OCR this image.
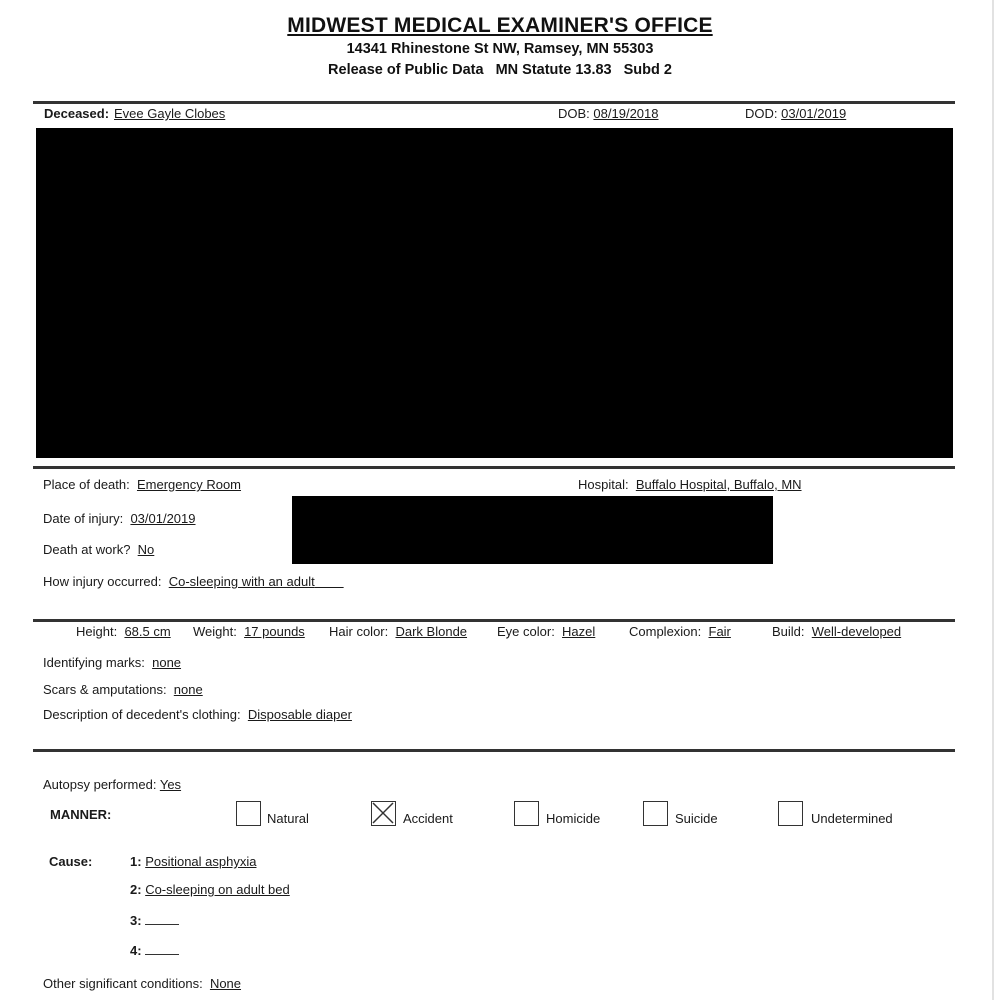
MIDWEST MEDICAL EXAMINER'S OFFICE
14341 Rhinestone St NW, Ramsey, MN 55303
Release of Public Data MN Statute 13.83 Subd 2
Deceased: Evee Gayle Clobes	DOB: 08/19/2018	DOD: 03/01/2019
Place of death: Emergency Room	Hospital: Buffalo Hospital, Buffalo, MN
Date of injury: 03/01/2019
Death at work? No
How injury occurred: Co-sleeping with an adult
Height: 68.5 cm Weight: 17 pounds Hair color: Dark Blonde Eye color: Hazel	Complexion: Fair	Build: Well-developed
Identifying marks: none
Scars & amputations: none
Description of decedent's clothing: Disposable diaper
Autopsy performed: Yes
MANNER:	Natural	Accident	Homicide	Suicide	Undetermined
Cause:	1: Positional asphyxia
2: Co-sleeping on adult bed
3:
4:
Other significant conditions: None
